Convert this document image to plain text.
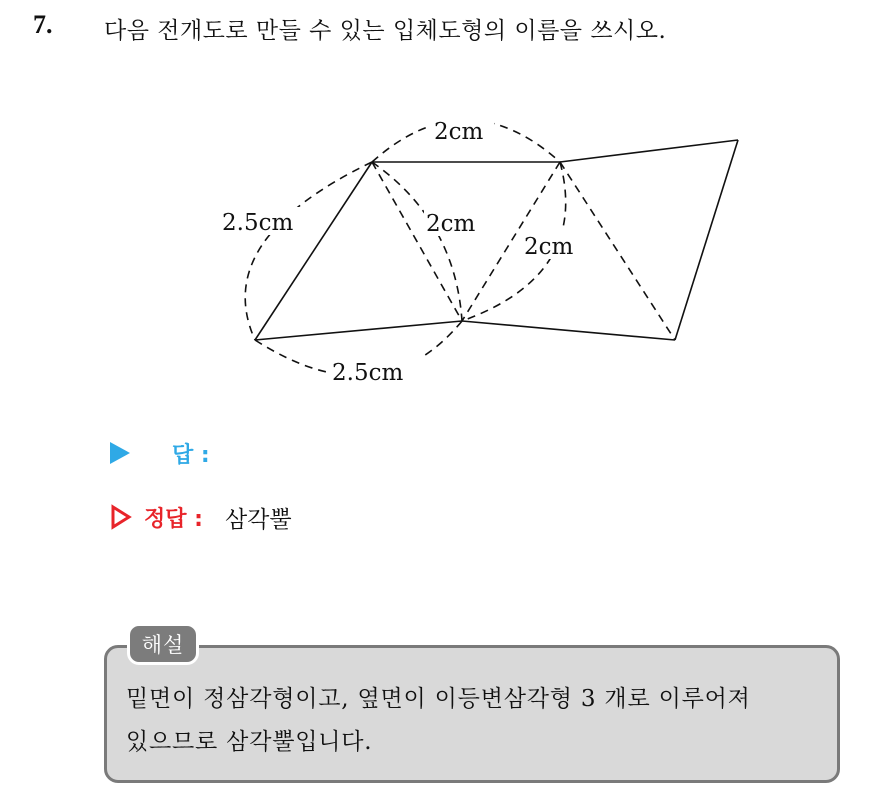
7. 다음 전개도로 만들 수 있는 입체도형의 이름을 쓰시오.
2cm
2.5cm	2cm
2cm
2.5cm
답 :
정답 : 삼각뿔
해설
밑면이 정삼각형이고, 옆면이 이등변삼각형 3 개로 이루어져
있으므로 삼각뿔입니다.
